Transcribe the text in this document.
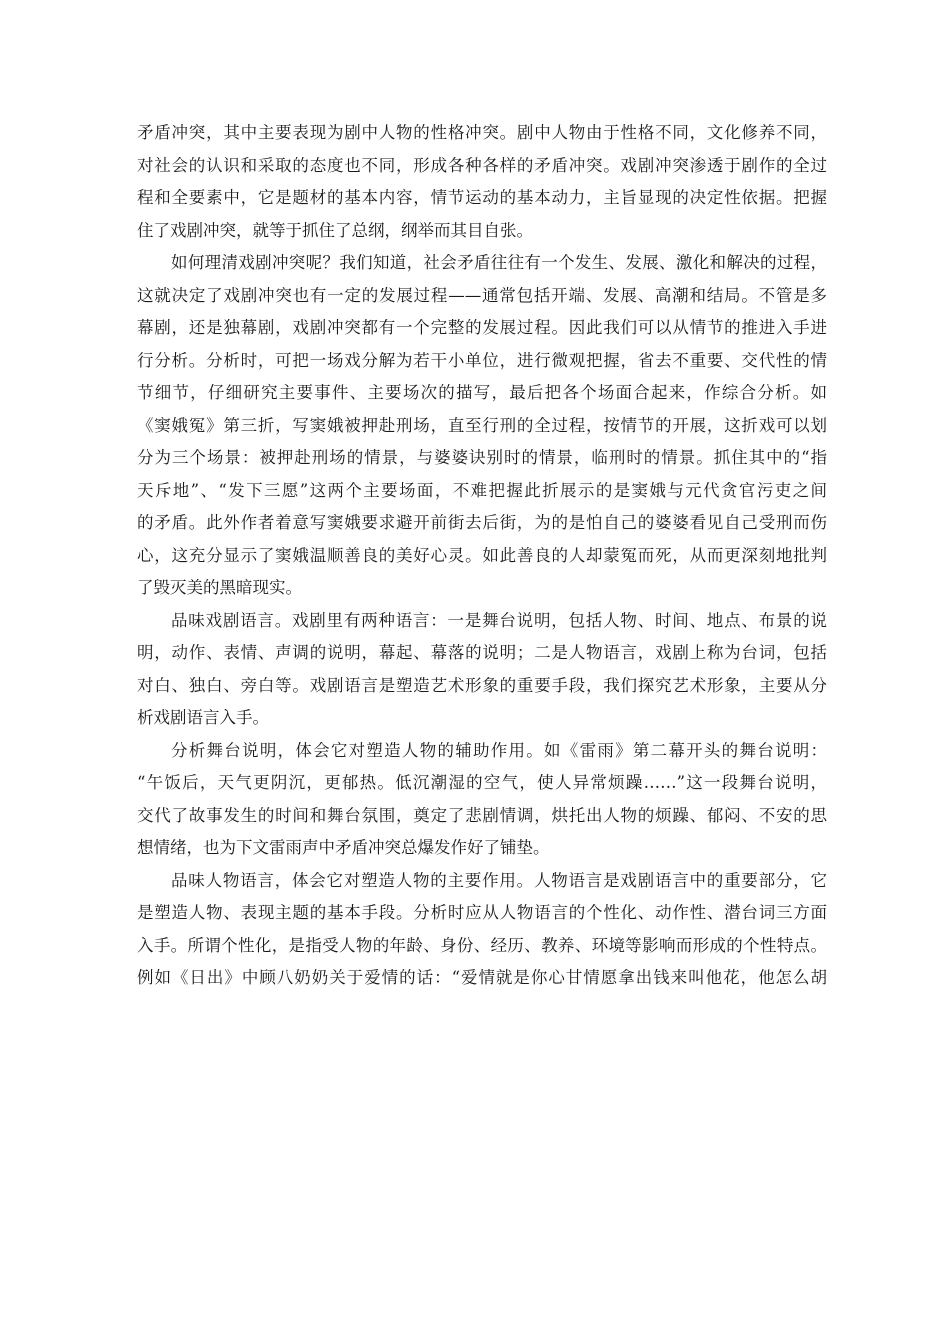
矛盾冲突，其中主要表现为剧中人物的性格冲突。剧中人物由于性格不同，文化修养不同，
对社会的认识和采取的态度也不同，形成各种各样的矛盾冲突。戏剧冲突渗透于剧作的全过
程和全要素中，它是题材的基本内容，情节运动的基本动力，主旨显现的决定性依据。把握
住了戏剧冲突，就等于抓住了总纲，纲举而其目自张。
如何理清戏剧冲突呢？我们知道，社会矛盾往往有一个发生、发展、激化和解决的过程，
这就决定了戏剧冲突也有一定的发展过程——通常包括开端、发展、高潮和结局。不管是多
幕剧，还是独幕剧，戏剧冲突都有一个完整的发展过程。因此我们可以从情节的推进入手进
行分析。分析时，可把一场戏分解为若干小单位，进行微观把握，省去不重要、交代性的情
节细节，仔细研究主要事件、主要场次的描写，最后把各个场面合起来，作综合分析。如
《窦娥冤》第三折，写窦娥被押赴刑场，直至行刑的全过程，按情节的开展，这折戏可以划
分为三个场景：被押赴刑场的情景，与婆婆诀别时的情景，临刑时的情景。抓住其中的“指
天斥地”、“发下三愿”这两个主要场面，不难把握此折展示的是窦娥与元代贪官污吏之间
的矛盾。此外作者着意写窦娥要求避开前街去后街，为的是怕自己的婆婆看见自己受刑而伤
心，这充分显示了窦娥温顺善良的美好心灵。如此善良的人却蒙冤而死，从而更深刻地批判
了毁灭美的黑暗现实。
品味戏剧语言。戏剧里有两种语言：一是舞台说明，包括人物、时间、地点、布景的说
明，动作、表情、声调的说明，幕起、幕落的说明；二是人物语言，戏剧上称为台词，包括
对白、独白、旁白等。戏剧语言是塑造艺术形象的重要手段，我们探究艺术形象，主要从分
析戏剧语言入手。
分析舞台说明，体会它对塑造人物的辅助作用。如《雷雨》第二幕开头的舞台说明：
“午饭后，天气更阴沉，更郁热。低沉潮湿的空气，使人异常烦躁……”这一段舞台说明，
交代了故事发生的时间和舞台氛围，奠定了悲剧情调，烘托出人物的烦躁、郁闷、不安的思
想情绪，也为下文雷雨声中矛盾冲突总爆发作好了铺垫。
品味人物语言，体会它对塑造人物的主要作用。人物语言是戏剧语言中的重要部分，它
是塑造人物、表现主题的基本手段。分析时应从人物语言的个性化、动作性、潜台词三方面
入手。所谓个性化，是指受人物的年龄、身份、经历、教养、环境等影响而形成的个性特点。
例如《日出》中顾八奶奶关于爱情的话：“爱情就是你心甘情愿拿出钱来叫他花，他怎么胡
